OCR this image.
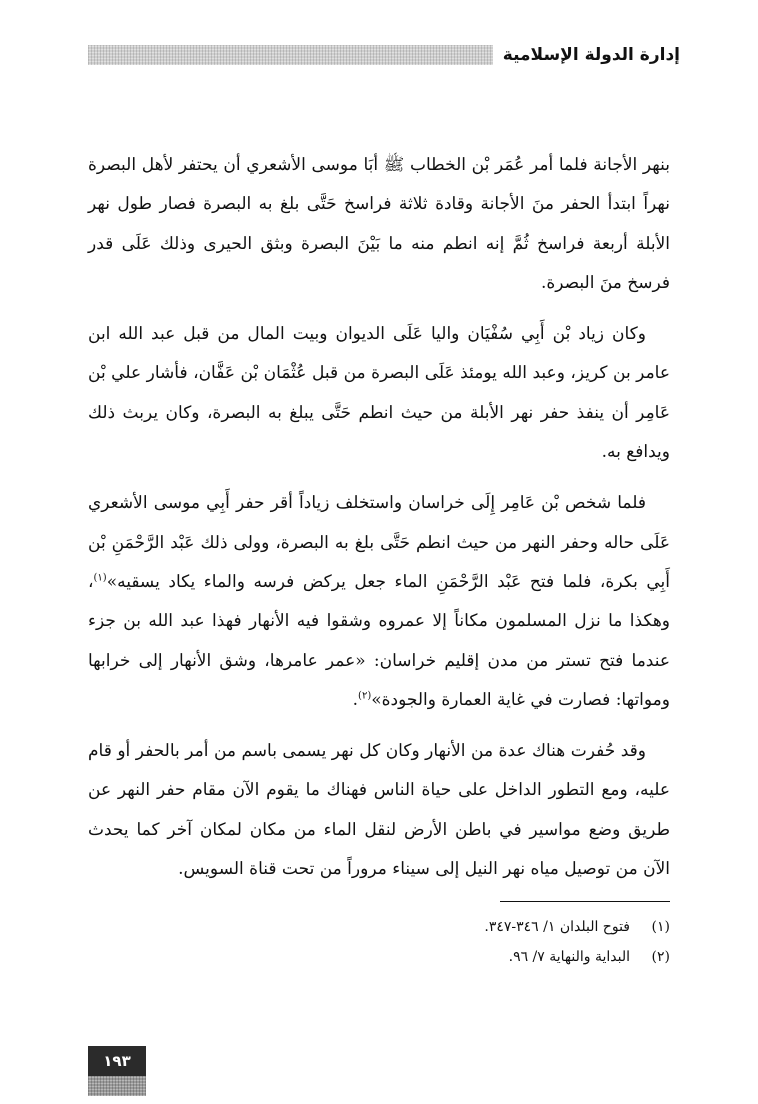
إدارة الدولة الإسلامية

بنهر الأجانة فلما أمر عُمَر بْن الخطاب ﷺ أبَا موسى الأشعري أن يحتفر لأهل البصرة نهراً ابتدأ الحفر منَ الأجانة وقادة ثلاثة فراسخ حَتَّى بلغ به البصرة فصار طول نهر الأبلة أربعة فراسخ ثُمَّ إنه انطم منه ما بَيْنَ البصرة وبثق الحيرى وذلك عَلَى قدر فرسخ منَ البصرة.

وكان زياد بْن أَبِي سُفْيَان واليا عَلَى الديوان وبيت المال من قبل عبد الله ابن عامر بن كريز، وعبد الله يومئذ عَلَى البصرة من قبل عُثْمَان بْن عَفَّان، فأشار علي بْن عَامِر أن ينفذ حفر نهر الأبلة من حيث انطم حَتَّى يبلغ به البصرة، وكان يربث ذلك ويدافع به.

فلما شخص بْن عَامِر إِلَى خراسان واستخلف زياداً أقر حفر أَبِي موسى الأشعري عَلَى حاله وحفر النهر من حيث انطم حَتَّى بلغ به البصرة، وولى ذلك عَبْد الرَّحْمَنِ بْن أَبِي بكرة، فلما فتح عَبْد الرَّحْمَنِ الماء جعل يركض فرسه والماء يكاد يسقيه»$^{(١)}$، وهكذا ما نزل المسلمون مكاناً إلا عمروه وشقوا فيه الأنهار فهذا عبد الله بن جزء عندما فتح تستر من مدن إقليم خراسان: «عمر عامرها، وشق الأنهار إلى خرابها ومواتها: فصارت في غاية العمارة والجودة»$^{(٢)}$.

وقد حُفرت هناك عدة من الأنهار وكان كل نهر يسمى باسم من أمر بالحفر أو قام عليه، ومع التطور الداخل على حياة الناس فهناك ما يقوم الآن مقام حفر النهر عن طريق وضع مواسير في باطن الأرض لنقل الماء من مكان لمكان آخر كما يحدث الآن من توصيل مياه نهر النيل إلى سيناء مروراً من تحت قناة السويس.

(١)
فتوح البلدان ١/ ٣٤٦-٣٤٧.
(٢)
البداية والنهاية ٧/ ٩٦.
١٩٣
